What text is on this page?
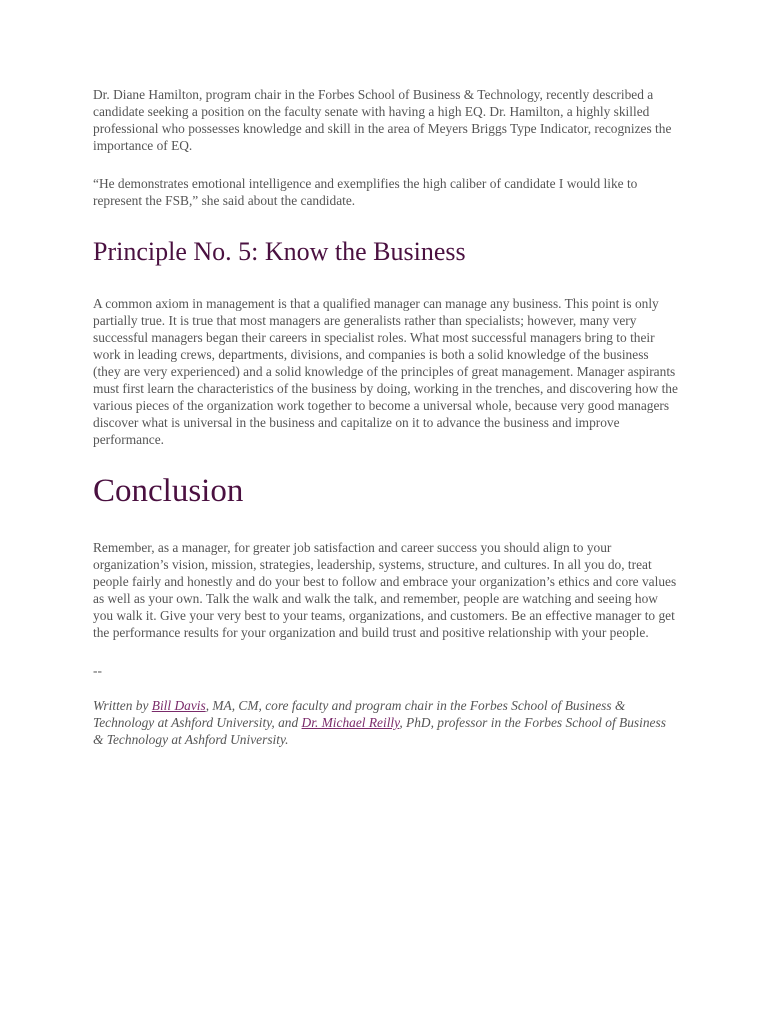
Dr. Diane Hamilton, program chair in the Forbes School of Business & Technology, recently described a candidate seeking a position on the faculty senate with having a high EQ. Dr. Hamilton, a highly skilled professional who possesses knowledge and skill in the area of Meyers Briggs Type Indicator, recognizes the importance of EQ.

“He demonstrates emotional intelligence and exemplifies the high caliber of candidate I would like to represent the FSB,” she said about the candidate.

Principle No. 5: Know the Business

A common axiom in management is that a qualified manager can manage any business. This point is only partially true. It is true that most managers are generalists rather than specialists; however, many very successful managers began their careers in specialist roles. What most successful managers bring to their work in leading crews, departments, divisions, and companies is both a solid knowledge of the business (they are very experienced) and a solid knowledge of the principles of great management. Manager aspirants must first learn the characteristics of the business by doing, working in the trenches, and discovering how the various pieces of the organization work together to become a universal whole, because very good managers discover what is universal in the business and capitalize on it to advance the business and improve performance.

Conclusion

Remember, as a manager, for greater job satisfaction and career success you should align to your organization’s vision, mission, strategies, leadership, systems, structure, and cultures. In all you do, treat people fairly and honestly and do your best to follow and embrace your organization’s ethics and core values as well as your own. Talk the walk and walk the talk, and remember, people are watching and seeing how you walk it. Give your very best to your teams, organizations, and customers. Be an effective manager to get the performance results for your organization and build trust and positive relationship with your people.

--

Written by Bill Davis, MA, CM, core faculty and program chair in the Forbes School of Business & Technology at Ashford University, and Dr. Michael Reilly, PhD, professor in the Forbes School of Business & Technology at Ashford University.
